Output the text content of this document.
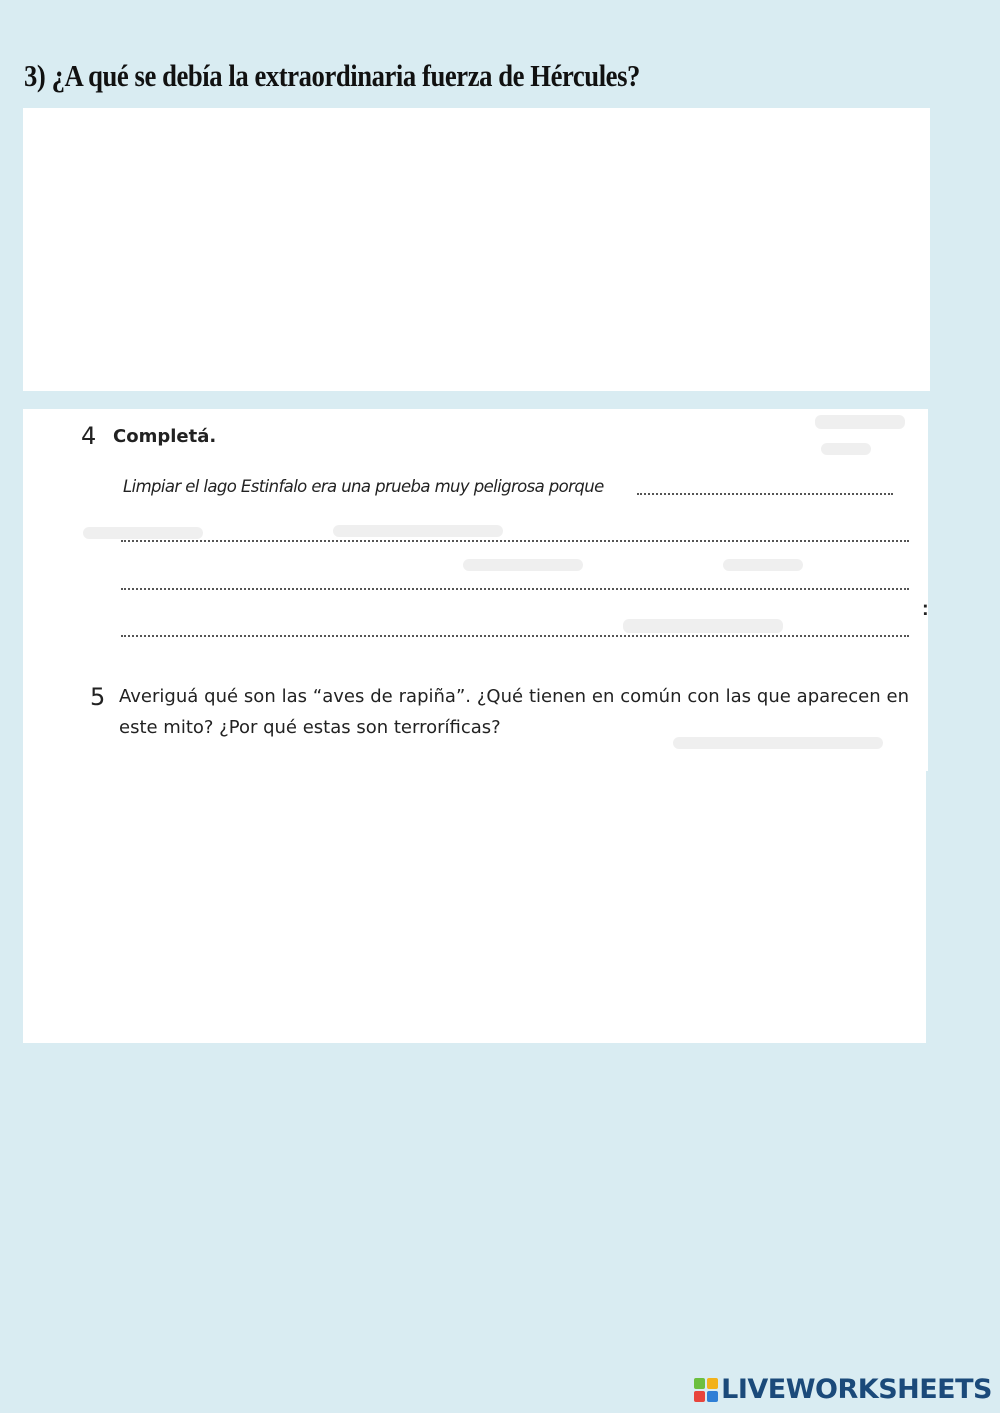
3) ¿A qué se debía la extraordinaria fuerza de Hércules?
4 Completá.
Limpiar el lago Estinfalo era una prueba muy peligrosa porque
5 Averiguá qué son las “aves de rapiña”. ¿Qué tienen en común con las que aparecen en este mito? ¿Por qué estas son terroríficas?
:
LIVEWORKSHEETS
